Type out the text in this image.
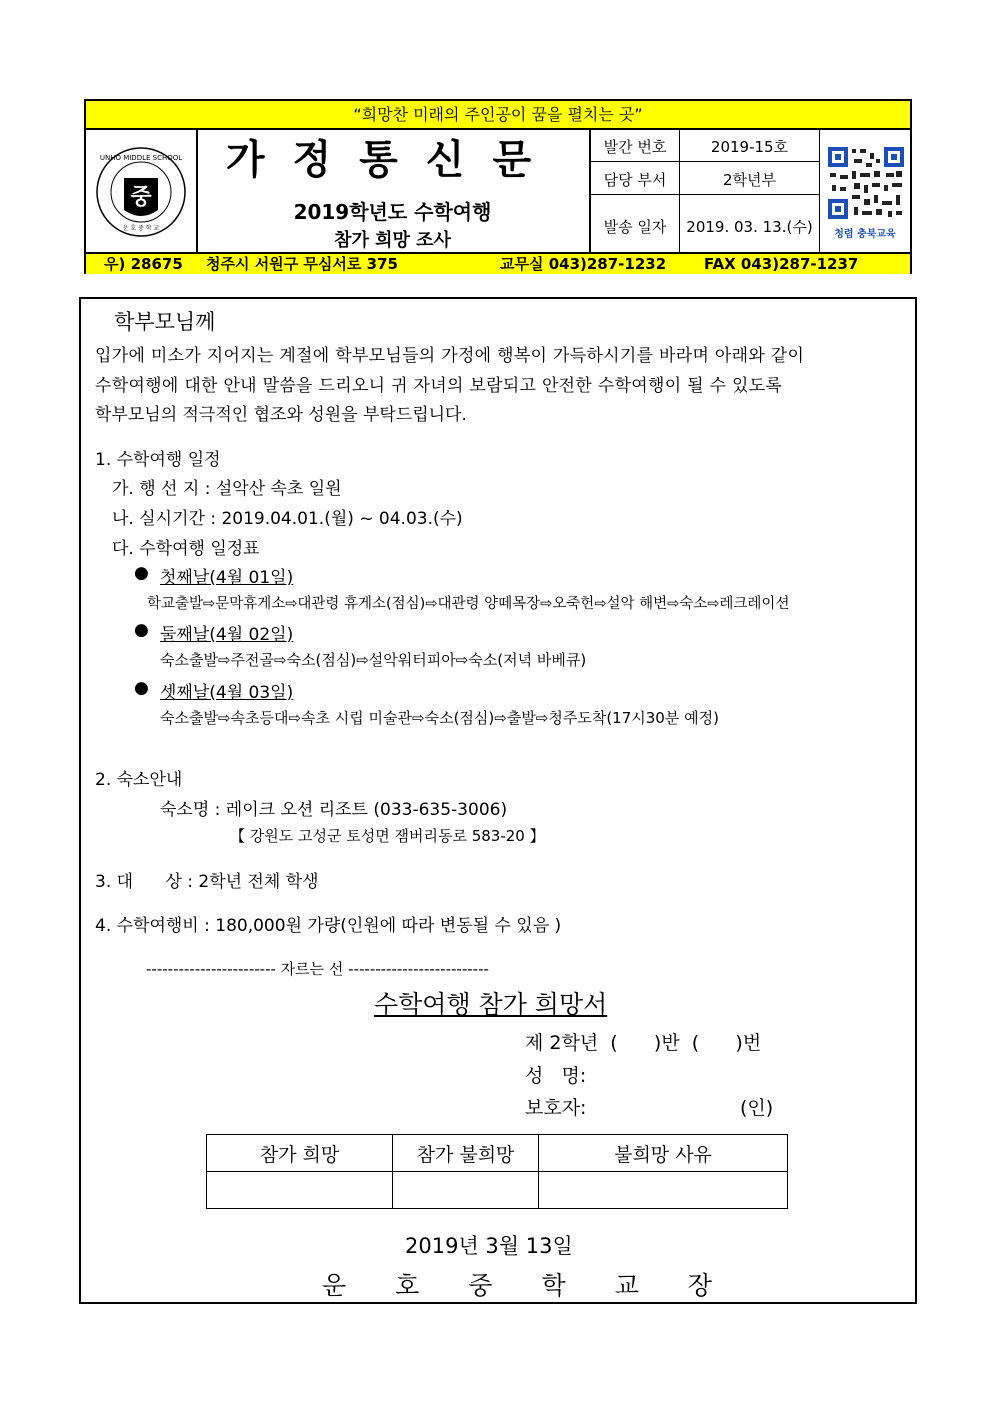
“희망찬 미래의 주인공이 꿈을 펼치는 곳”
중
UNHO MIDDLE SCHOOL
운 호 중 학 교
가정통신문
2019학년도 수학여행
참가 희망 조사
발간 번호	2019-15호
담당 부서	2학년부
발송 일자	2019. 03. 13.(수)	청렴 충북교육
우) 28675 청주시 서원구 무심서로 375	교무실 043)287-1232	FAX 043)287-1237
학부모님께
입가에 미소가 지어지는 계절에 학부모님들의 가정에 행복이 가득하시기를 바라며 아래와 같이
수학여행에 대한 안내 말씀을 드리오니 귀 자녀의 보람되고 안전한 수학여행이 될 수 있도록
학부모님의 적극적인 협조와 성원을 부탁드립니다.
1. 수학여행 일정
가. 행 선 지 : 설악산 속초 일원
나. 실시기간 : 2019.04.01.(월) ~ 04.03.(수)
다. 수학여행 일정표
● 첫째날(4월 01일)
학교출발⇨문막휴게소⇨대관령 휴게소(점심)⇨대관령 양떼목장⇨오죽헌⇨설악 해변⇨숙소⇨레크레이션
● 둘째날(4월 02일)
숙소출발⇨주전골⇨숙소(점심)⇨설악워터피아⇨숙소(저녁 바베큐)
● 셋째날(4월 03일)
숙소출발⇨속초등대⇨속초 시립 미술관⇨숙소(점심)⇨출발⇨청주도착(17시30분 예정)
2. 숙소안내
숙소명 : 레이크 오션 리조트 (033-635-3006)
【 강원도 고성군 토성면 잼버리동로 583-20 】
3. 대      상 : 2학년 전체 학생
4. 수학여행비 : 180,000원 가량(인원에 따라 변동될 수 있음 )
------------------------ 자르는 선 --------------------------
수학여행 참가 희망서
제 2학년  (      )반  (      )번
성   명:
보호자:	(인)
참가 희망	참가 불희망	불희망 사유

2019년 3월 13일
운호중학교장
